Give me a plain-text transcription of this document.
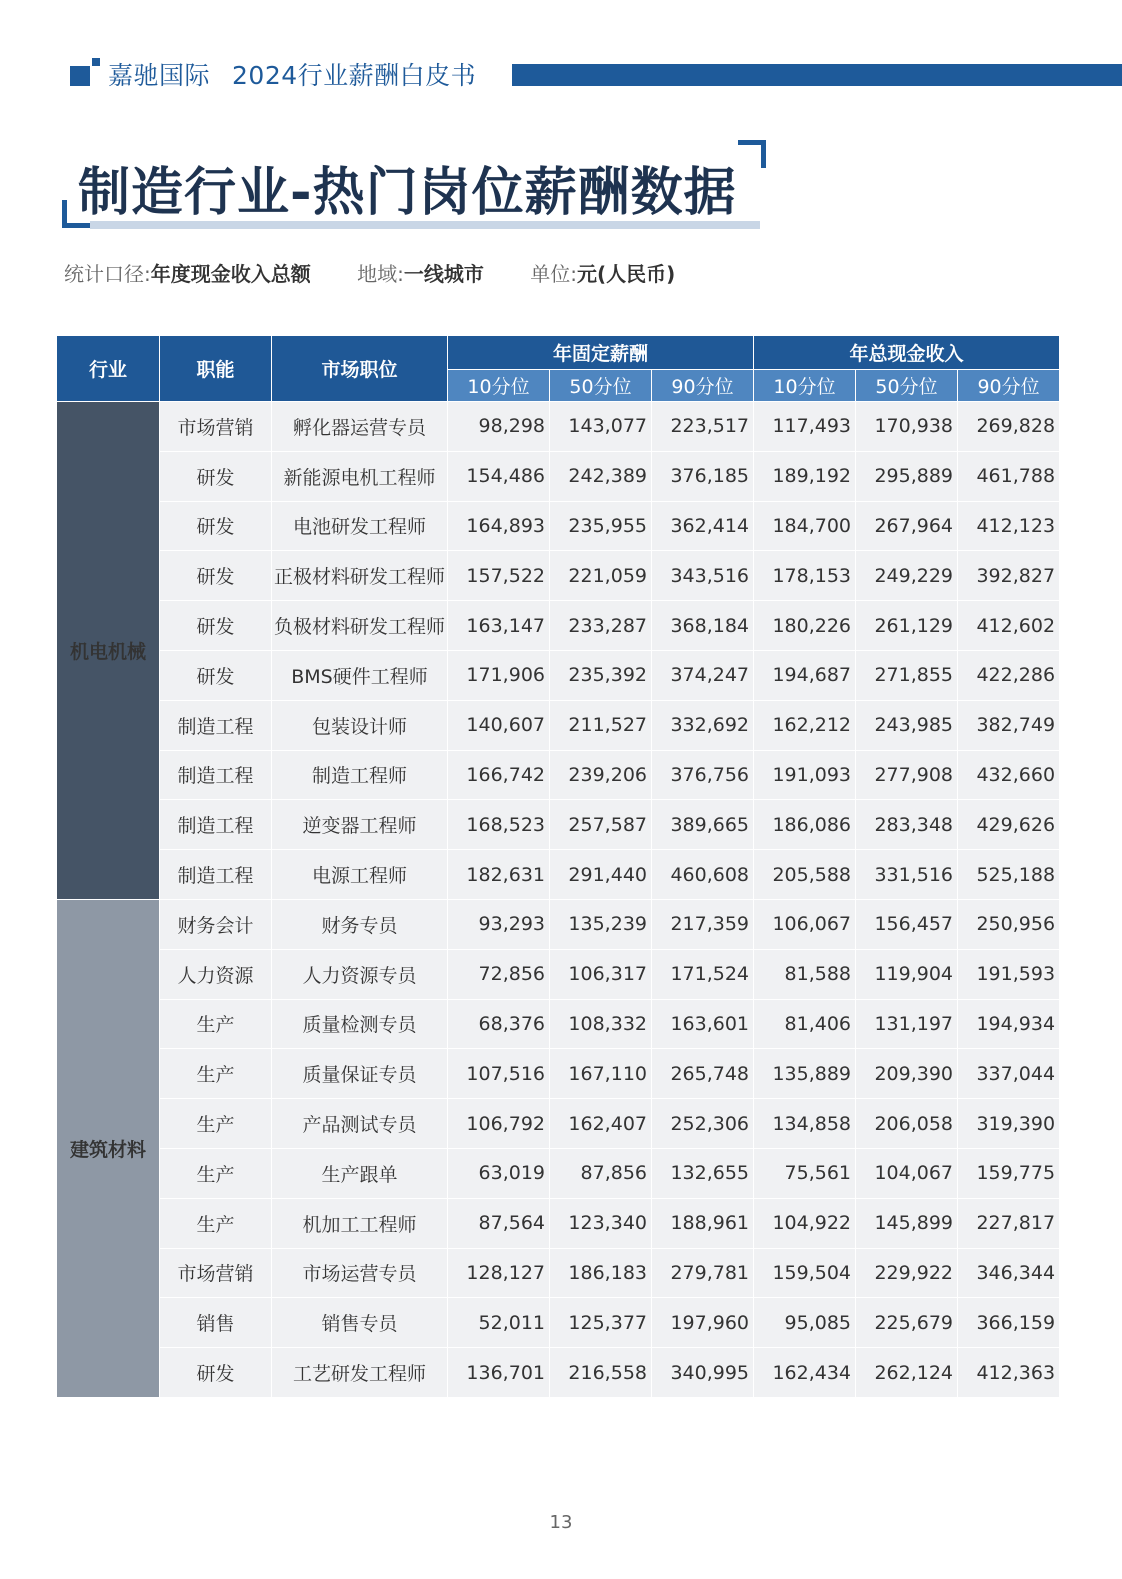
嘉驰国际 2024行业薪酬白皮书
制造行业-热门岗位薪酬数据
统计口径:年度现金收入总额 地域:一线城市 单位:元(人民币)
行业	职能	市场职位	年固定薪酬			年总现金收入		
			10分位	50分位	90分位	10分位	50分位	90分位
机电机械	市场营销	孵化器运营专员	98,298	143,077	223,517	117,493	170,938	269,828
	研发	新能源电机工程师	154,486	242,389	376,185	189,192	295,889	461,788
	研发	电池研发工程师	164,893	235,955	362,414	184,700	267,964	412,123
	研发	正极材料研发工程师	157,522	221,059	343,516	178,153	249,229	392,827
	研发	负极材料研发工程师	163,147	233,287	368,184	180,226	261,129	412,602
	研发	BMS硬件工程师	171,906	235,392	374,247	194,687	271,855	422,286
	制造工程	包装设计师	140,607	211,527	332,692	162,212	243,985	382,749
	制造工程	制造工程师	166,742	239,206	376,756	191,093	277,908	432,660
	制造工程	逆变器工程师	168,523	257,587	389,665	186,086	283,348	429,626
	制造工程	电源工程师	182,631	291,440	460,608	205,588	331,516	525,188
建筑材料	财务会计	财务专员	93,293	135,239	217,359	106,067	156,457	250,956
	人力资源	人力资源专员	72,856	106,317	171,524	81,588	119,904	191,593
	生产	质量检测专员	68,376	108,332	163,601	81,406	131,197	194,934
	生产	质量保证专员	107,516	167,110	265,748	135,889	209,390	337,044
	生产	产品测试专员	106,792	162,407	252,306	134,858	206,058	319,390
	生产	生产跟单	63,019	87,856	132,655	75,561	104,067	159,775
	生产	机加工工程师	87,564	123,340	188,961	104,922	145,899	227,817
	市场营销	市场运营专员	128,127	186,183	279,781	159,504	229,922	346,344
	销售	销售专员	52,011	125,377	197,960	95,085	225,679	366,159
	研发	工艺研发工程师	136,701	216,558	340,995	162,434	262,124	412,363
13
